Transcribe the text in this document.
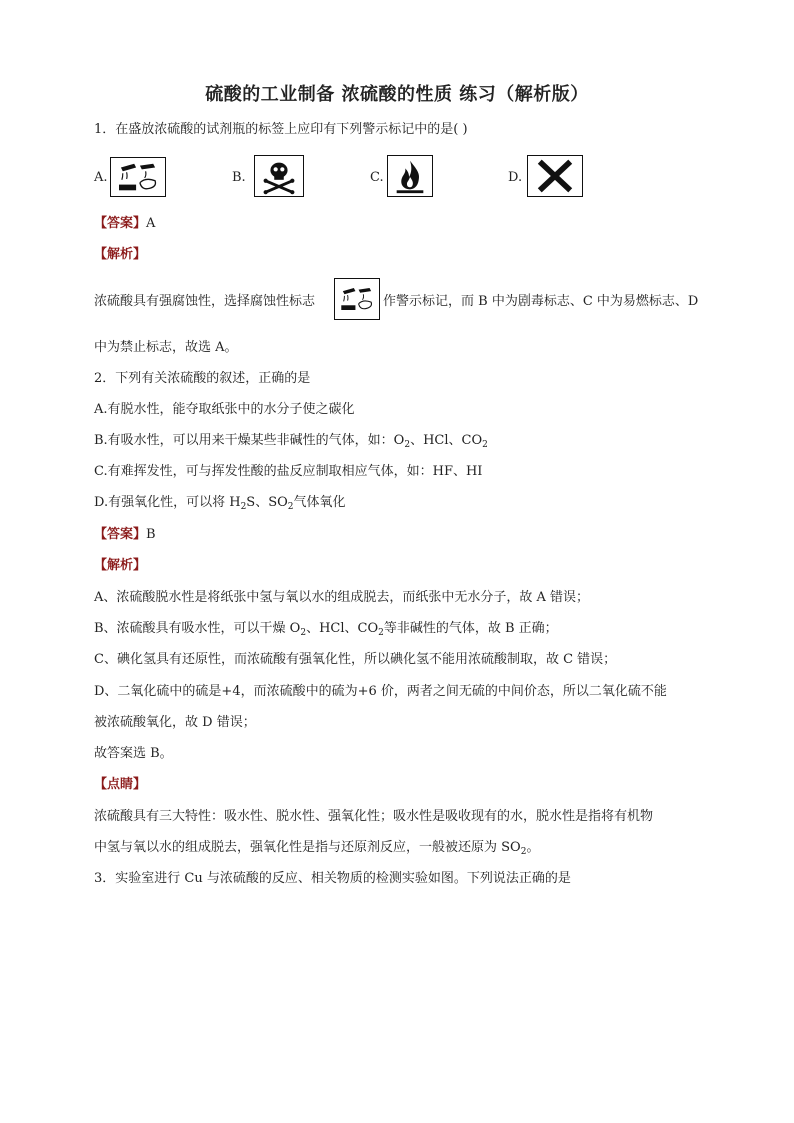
硫酸的工业制备 浓硫酸的性质 练习（解析版）
1．在盛放浓硫酸的试剂瓶的标签上应印有下列警示标记中的是( )
A.	B.	C.	D.
【答案】A
【解析】
浓硫酸具有强腐蚀性，选择腐蚀性标志	作警示标记，而 B 中为剧毒标志、C 中为易燃标志、D
中为禁止标志，故选 A。
2．下列有关浓硫酸的叙述，正确的是
A.有脱水性，能夺取纸张中的水分子使之碳化
B.有吸水性，可以用来干燥某些非碱性的气体，如：$O_2$、HCl、$CO_2$
C.有难挥发性，可与挥发性酸的盐反应制取相应气体，如：HF、HI
D.有强氧化性，可以将 $H_2S$、$SO_2$气体氧化
【答案】B
【解析】
A、浓硫酸脱水性是将纸张中氢与氧以水的组成脱去，而纸张中无水分子，故 A 错误；
B、浓硫酸具有吸水性，可以干燥 $O_2$、HCl、$CO_2$等非碱性的气体，故 B 正确；
C、碘化氢具有还原性，而浓硫酸有强氧化性，所以碘化氢不能用浓硫酸制取，故 C 错误；
D、二氧化硫中的硫是+4，而浓硫酸中的硫为+6 价，两者之间无硫的中间价态，所以二氧化硫不能
被浓硫酸氧化，故 D 错误；
故答案选 B。
【点睛】
浓硫酸具有三大特性：吸水性、脱水性、强氧化性；吸水性是吸收现有的水，脱水性是指将有机物
中氢与氧以水的组成脱去，强氧化性是指与还原剂反应，一般被还原为 $SO_2$。
3．实验室进行 Cu 与浓硫酸的反应、相关物质的检测实验如图。下列说法正确的是
